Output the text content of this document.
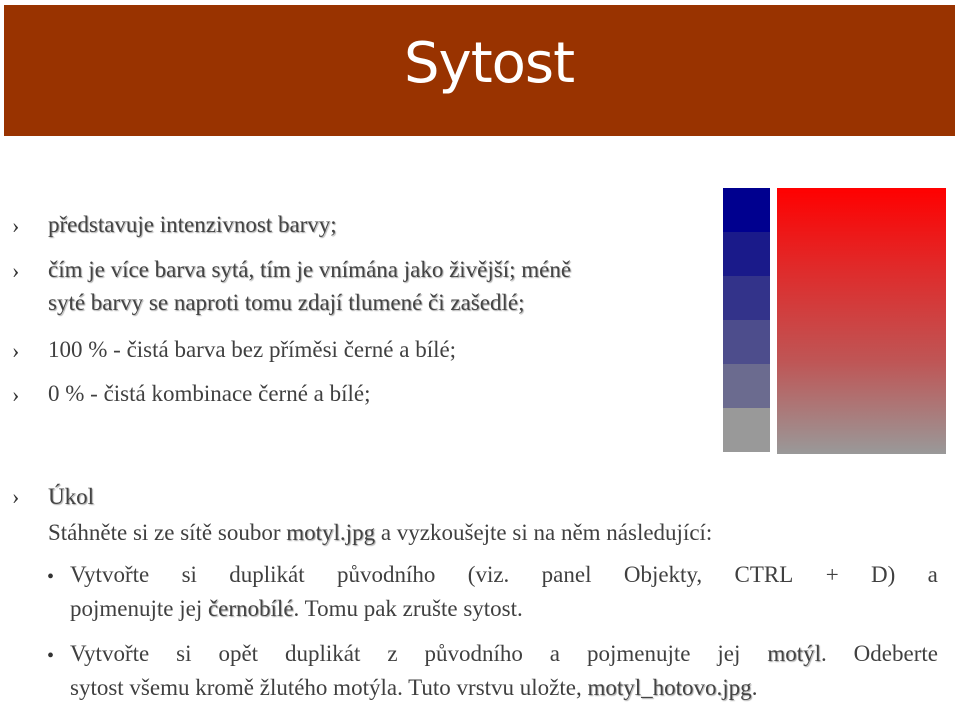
Sytost
› představuje intenzivnost barvy;
› čím je více barva sytá, tím je vnímána jako živější; méně
syté barvy se naproti tomu zdají tlumené či zašedlé;
› 100 % - čistá barva bez příměsi černé a bílé;
› 0 % - čistá kombinace černé a bílé;
› Úkol
Stáhněte si ze sítě soubor motyl.jpg a vyzkoušejte si na něm následující:
• Vytvořte si duplikát původního (viz. panel Objekty, CTRL + D) a
pojmenujte jej černobílé. Tomu pak zrušte sytost.
• Vytvořte si opět duplikát z původního a pojmenujte jej motýl. Odeberte
sytost všemu kromě žlutého motýla. Tuto vrstvu uložte, motyl_hotovo.jpg.
